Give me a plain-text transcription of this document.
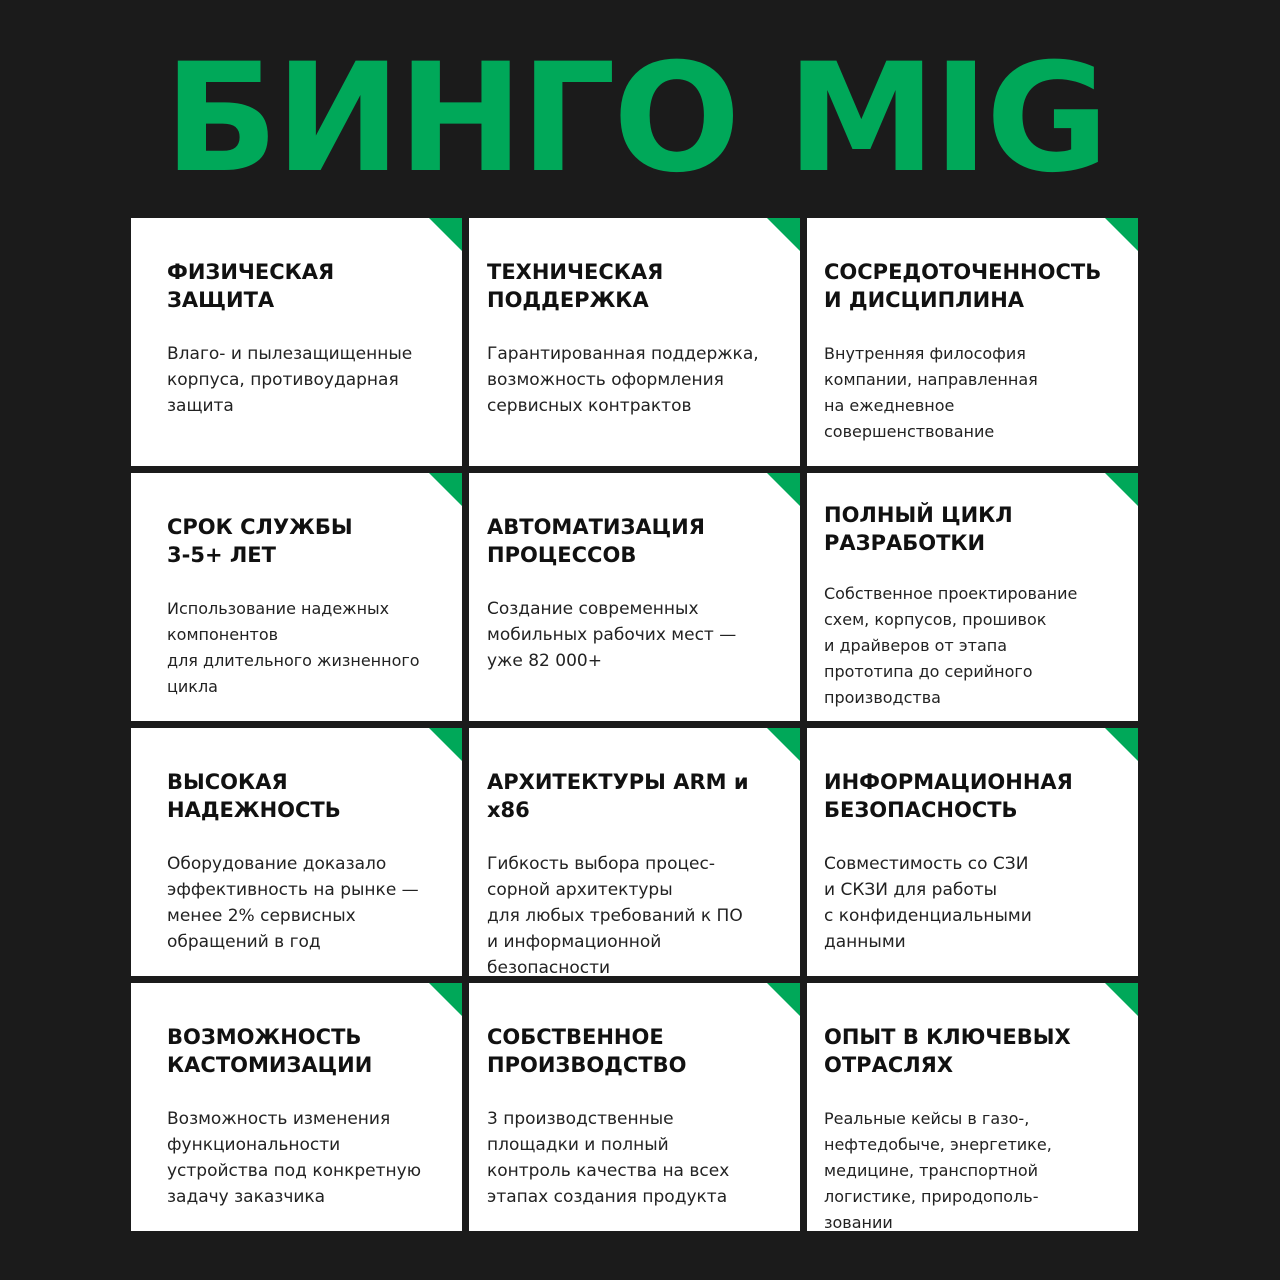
БИНГО MIG
ФИЗИЧЕСКАЯ
ЗАЩИТА
Влаго- и пылезащищенные
корпуса, противоударная
защита
ТЕХНИЧЕСКАЯ
ПОДДЕРЖКА
Гарантированная поддержка,
возможность оформления
сервисных контрактов
СОСРЕДОТОЧЕННОСТЬ
И ДИСЦИПЛИНА
Внутренняя философия
компании, направленная
на ежедневное
совершенствование
СРОК СЛУЖБЫ
3-5+ ЛЕТ
Использование надежных
компонентов
для длительного жизненного
цикла
АВТОМАТИЗАЦИЯ
ПРОЦЕССОВ
Создание современных
мобильных рабочих мест —
уже 82 000+
ПОЛНЫЙ ЦИКЛ
РАЗРАБОТКИ
Собственное проектирование
схем, корпусов, прошивок
и драйверов от этапа
прототипа до серийного
производства
ВЫСОКАЯ
НАДЕЖНОСТЬ
Оборудование доказало
эффективность на рынке —
менее 2% сервисных
обращений в год
АРХИТЕКТУРЫ ARM и x86
Гибкость выбора процес-
сорной архитектуры
для любых требований к ПО
и информационной
безопасности
ИНФОРМАЦИОННАЯ
БЕЗОПАСНОСТЬ
Совместимость со СЗИ
и СКЗИ для работы
с конфиденциальными
данными
ВОЗМОЖНОСТЬ
КАСТОМИЗАЦИИ
Возможность изменения
функциональности
устройства под конкретную
задачу заказчика
СОБСТВЕННОЕ
ПРОИЗВОДСТВО
3 производственные
площадки и полный
контроль качества на всех
этапах создания продукта
ОПЫТ В КЛЮЧЕВЫХ
ОТРАСЛЯХ
Реальные кейсы в газо-,
нефтедобыче, энергетике,
медицине, транспортной
логистике, природополь-
зовании
